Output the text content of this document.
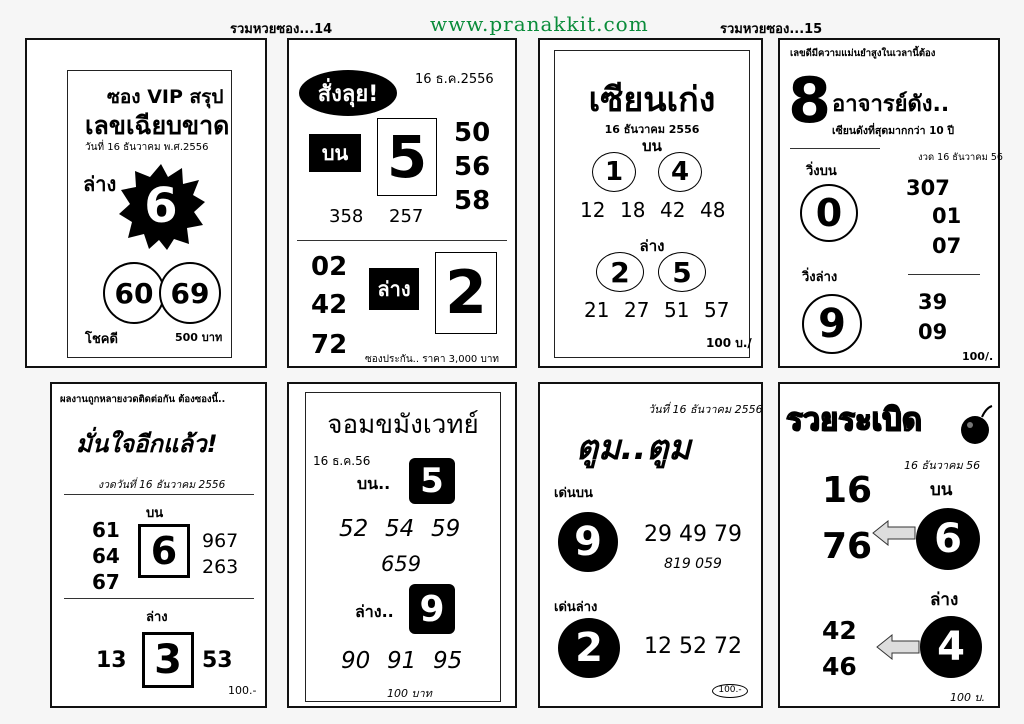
รวมหวยซอง...14	www.pranakkit.com	รวมหวยซอง...15
ซอง VIP สรุป
เลขเฉียบขาด
วันที่ 16 ธันวาคม พ.ศ.2556
ล่าง 6
60 69
โชคดี	500 บาท
สั่งลุย!
16 ธ.ค.2556
บน 5	50
56
58
358 257
02
42
72
ล่าง 2
ซองประกัน.. ราคา 3,000 บาท
เซียนเก่ง
16 ธันวาคม 2556
บน
1	4
12 18 42 48
ล่าง
2	5
21 27 51 57
100 บ./
เลขดีมีความแม่นยำสูงในเวลานี้ต้อง
8 อาจารย์ดัง..
เซียนดังที่สุดมากกว่า 10 ปี
งวด 16 ธันวาคม 56
วิ่งบน
0
307
01
07
วิ่งล่าง
9	39
09
100/.
ผลงานถูกหลายงวดติดต่อกัน ต้องซองนี้..
มั่นใจอีกแล้ว!
งวดวันที่ 16 ธันวาคม 2556
บน
61
64
67
6	967
263
ล่าง
13 3 53
100.-
จอมขมังเวทย์
16 ธ.ค.56
บน.. 5
52 54 59
659
ล่าง.. 9
90 91 95
100 บาท
วันที่ 16 ธันวาคม 2556
ตูม..ตูม
เด่นบน
9	29 49 79
819 059
เด่นล่าง
2	12 52 72
100.-
รวยระเบิด
16 ธันวาคม 56
16
76
บน
6
ล่าง
42
46	4
100 บ.
